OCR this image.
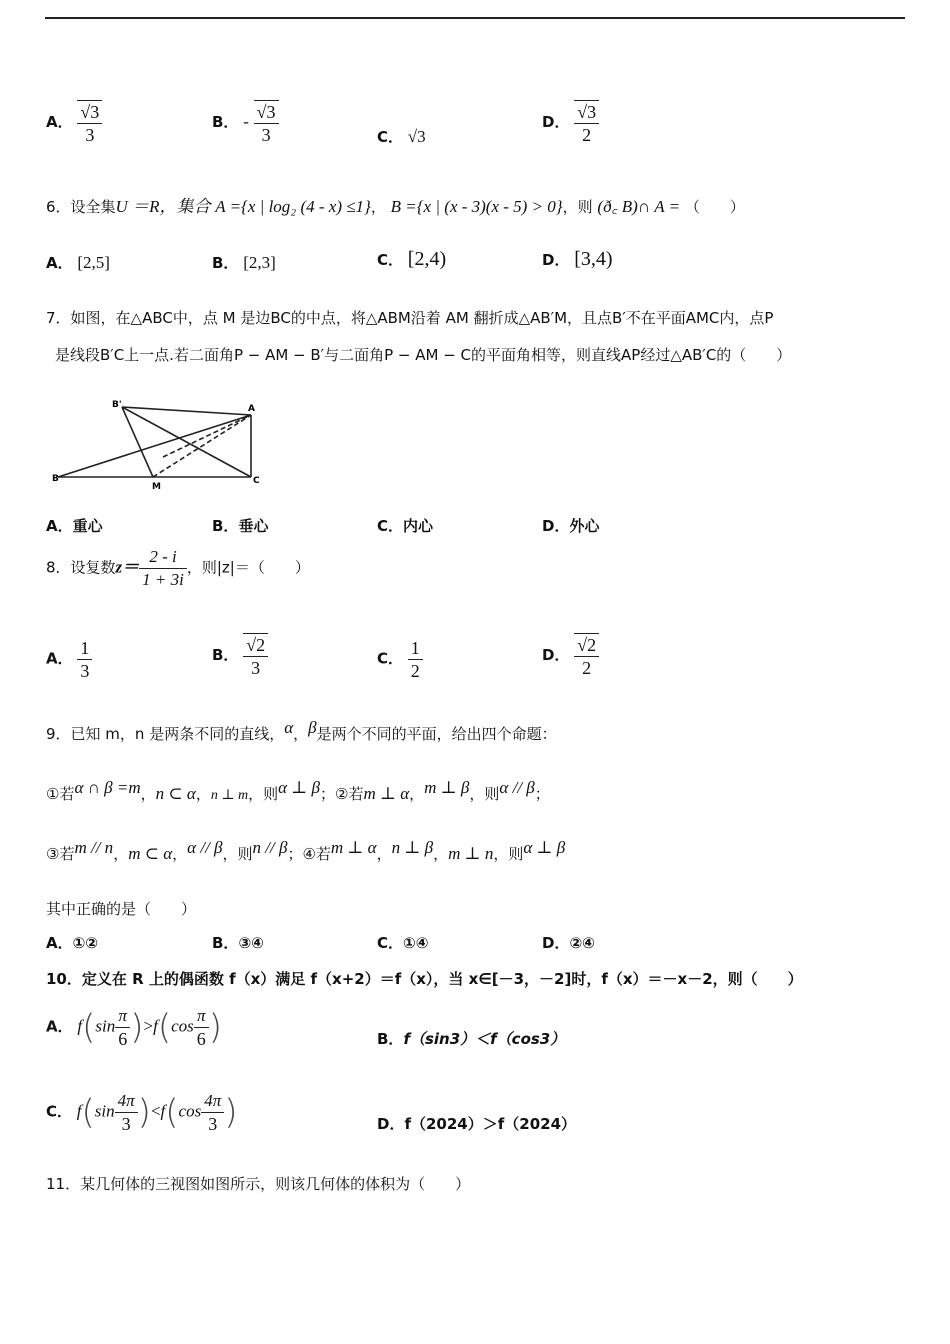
A． $\frac{√3}{3}$	B． - $\frac{√3}{3}$	C． √3
D． $\frac{√3}{2}$
6．设全集U ＝R，集合 A ={x | log₂ (4 - x) ≤1}， B ={x | (x - 3)(x - 5) > 0}，则 (ð꜀ B)∩ A = （　　）
A． [2,5]	B． [2,3]	C． [2,4)	D． [3,4)
7．如图，在△ABC中，点 M 是边BC的中点，将△ABM沿着 AM 翻折成△AB′M，且点B′不在平面AMC内，点P
是线段B′C上一点.若二面角P − AM − B′与二面角P − AM − C的平面角相等，则直线AP经过△AB′C的（　　）
B'	A
B
M
C
A．重心	B．垂心	C．内心	D．外心
8．设复数$z= \frac{2 - i}{1 + 3i}$ ，则|z|＝（　　）
A． $\frac{1}{3}$	B． $\frac{√2}{3}$	C． $\frac{1}{2}$	D． $\frac{√2}{2}$
9．已知 m，n 是两条不同的直线，$^\alpha$，$^\beta$是两个不同的平面，给出四个命题：
①若$^{\alpha \cap \beta =m}$，n ⊂ α，n ⊥ m，则$^{\alpha \perp \beta}$；②若m ⊥ α，$^{m \perp \beta}$，则$^{\alpha // \beta}$；
③若$^{m // n}$，m ⊂ α，$^{\alpha // \beta}$，则$^{n // \beta}$；④若$^{m \perp \alpha}$，$^{n \perp \beta}$，m ⊥ n，则$^{\alpha \perp \beta}$
其中正确的是（　　）
A．①②	B．③④	C．①④	D．②④
10．定义在 R 上的偶函数 f（x）满足 f（x+2）＝f（x），当 x∈[－3，－2]时，f（x）＝－x－2，则（　　）
A． $f(\sin \frac{\pi}{6} )>f(\cos \frac{\pi}{6}$ )	B．f（sin3）＜f（cos3）
C． $f(\sin \frac{4\pi}{3} )<f(\cos \frac{4\pi}{3}$ )	D．f（2024）＞f（2024）
11．某几何体的三视图如图所示，则该几何体的体积为（　　）
